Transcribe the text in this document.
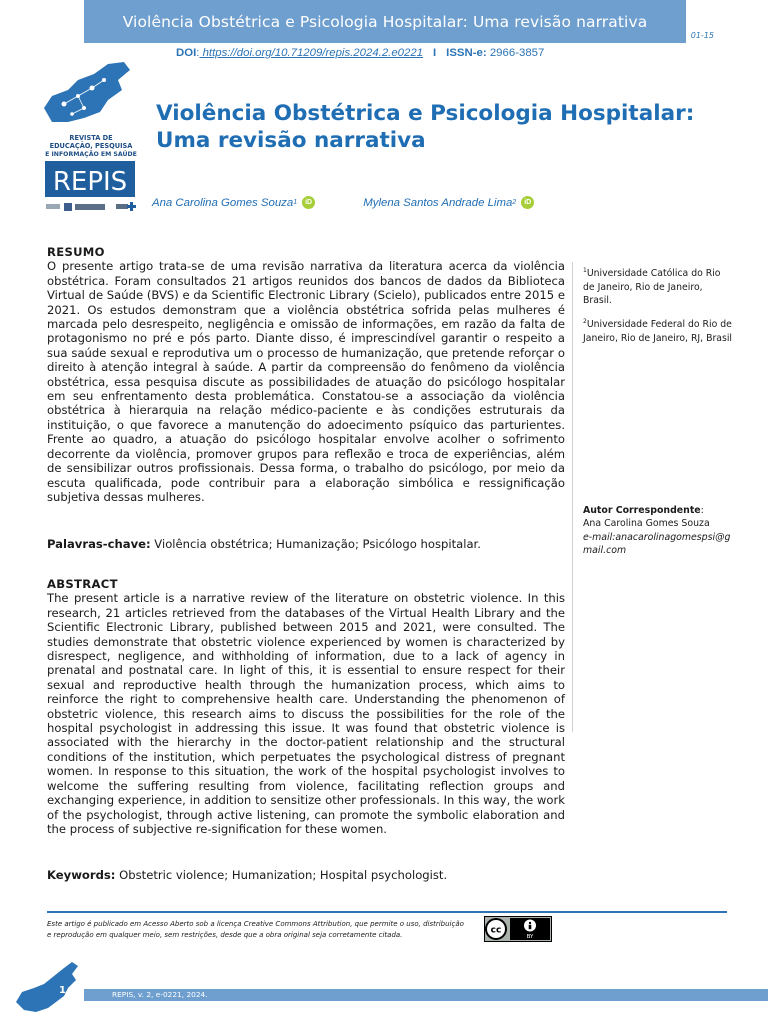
Violência Obstétrica e Psicologia Hospitalar: Uma revisão narrativa
01-15
DOI: https://doi.org/10.71209/repis.2024.2.e0221 I ISSN-e: 2966-3857
REVISTA DE
EDUCAÇÃO, PESQUISA
E INFORMAÇÃO EM SAÚDE
REPIS
Violência Obstétrica e Psicologia Hospitalar:
Uma revisão narrativa
Ana Carolina Gomes Souza 1	iD
	Mylena Santos Andrade Lima 2	iD
RESUMO

O presente artigo trata-se de uma revisão narrativa da literatura acerca da violência obstétrica. Foram consultados 21 artigos reunidos dos bancos de dados da Biblioteca Virtual de Saúde (BVS) e da Scientific Electronic Library (Scielo), publicados entre 2015 e 2021. Os estudos demonstram que a violência obstétrica sofrida pelas mulheres é marcada pelo desrespeito, negligência e omissão de informações, em razão da falta de protagonismo no pré e pós parto. Diante disso, é imprescindível garantir o respeito a sua saúde sexual e reprodutiva um o processo de humanização, que pretende reforçar o direito à atenção integral à saúde. A partir da compreensão do fenômeno da violência obstétrica, essa pesquisa discute as possibilidades de atuação do psicólogo hospitalar em seu enfrentamento desta problemática. Constatou-se a associação da violência obstétrica à hierarquia na relação médico-paciente e às condições estruturais da instituição, o que favorece a manutenção do adoecimento psíquico das parturientes. Frente ao quadro, a atuação do psicólogo hospitalar envolve acolher o sofrimento decorrente da violência, promover grupos para reflexão e troca de experiências, além de sensibilizar outros profissionais. Dessa forma, o trabalho do psicólogo, por meio da escuta qualificada, pode contribuir para a elaboração simbólica e ressignificação subjetiva dessas mulheres.

Palavras-chave: Violência obstétrica; Humanização; Psicólogo hospitalar.

ABSTRACT

The present article is a narrative review of the literature on obstetric violence. In this research, 21 articles retrieved from the databases of the Virtual Health Library and the Scientific Electronic Library, published between 2015 and 2021, were consulted. The studies demonstrate that obstetric violence experienced by women is characterized by disrespect, negligence, and withholding of information, due to a lack of agency in prenatal and postnatal care. In light of this, it is essential to ensure respect for their sexual and reproductive health through the humanization process, which aims to reinforce the right to comprehensive health care. Understanding the phenomenon of obstetric violence, this research aims to discuss the possibilities for the role of the hospital psychologist in addressing this issue. It was found that obstetric violence is associated with the hierarchy in the doctor-patient relationship and the structural conditions of the institution, which perpetuates the psychological distress of pregnant women. In response to this situation, the work of the hospital psychologist involves to welcome the suffering resulting from violence, facilitating reflection groups and exchanging experience, in addition to sensitize other professionals. In this way, the work of the psychologist, through active listening, can promote the symbolic elaboration and the process of subjective re-signification for these women.

Keywords: Obstetric violence; Humanization; Hospital psychologist.

$^1$Universidade Católica do Rio de Janeiro, Rio de Janeiro, Brasil.
$^2$Universidade Federal do Rio de Janeiro, Rio de Janeiro, RJ, Brasil
Autor Correspondente:
Ana Carolina Gomes Souza
e-mail:anacarolinagomespsi@gmail.com
Este artigo é publicado em Acesso Aberto sob a licença Creative Commons Attribution, que permite o uso, distribuição e reprodução em qualquer meio, sem restrições, desde que a obra original seja corretamente citada.	cc
BY
1	REPIS, v. 2, e-0221, 2024.
